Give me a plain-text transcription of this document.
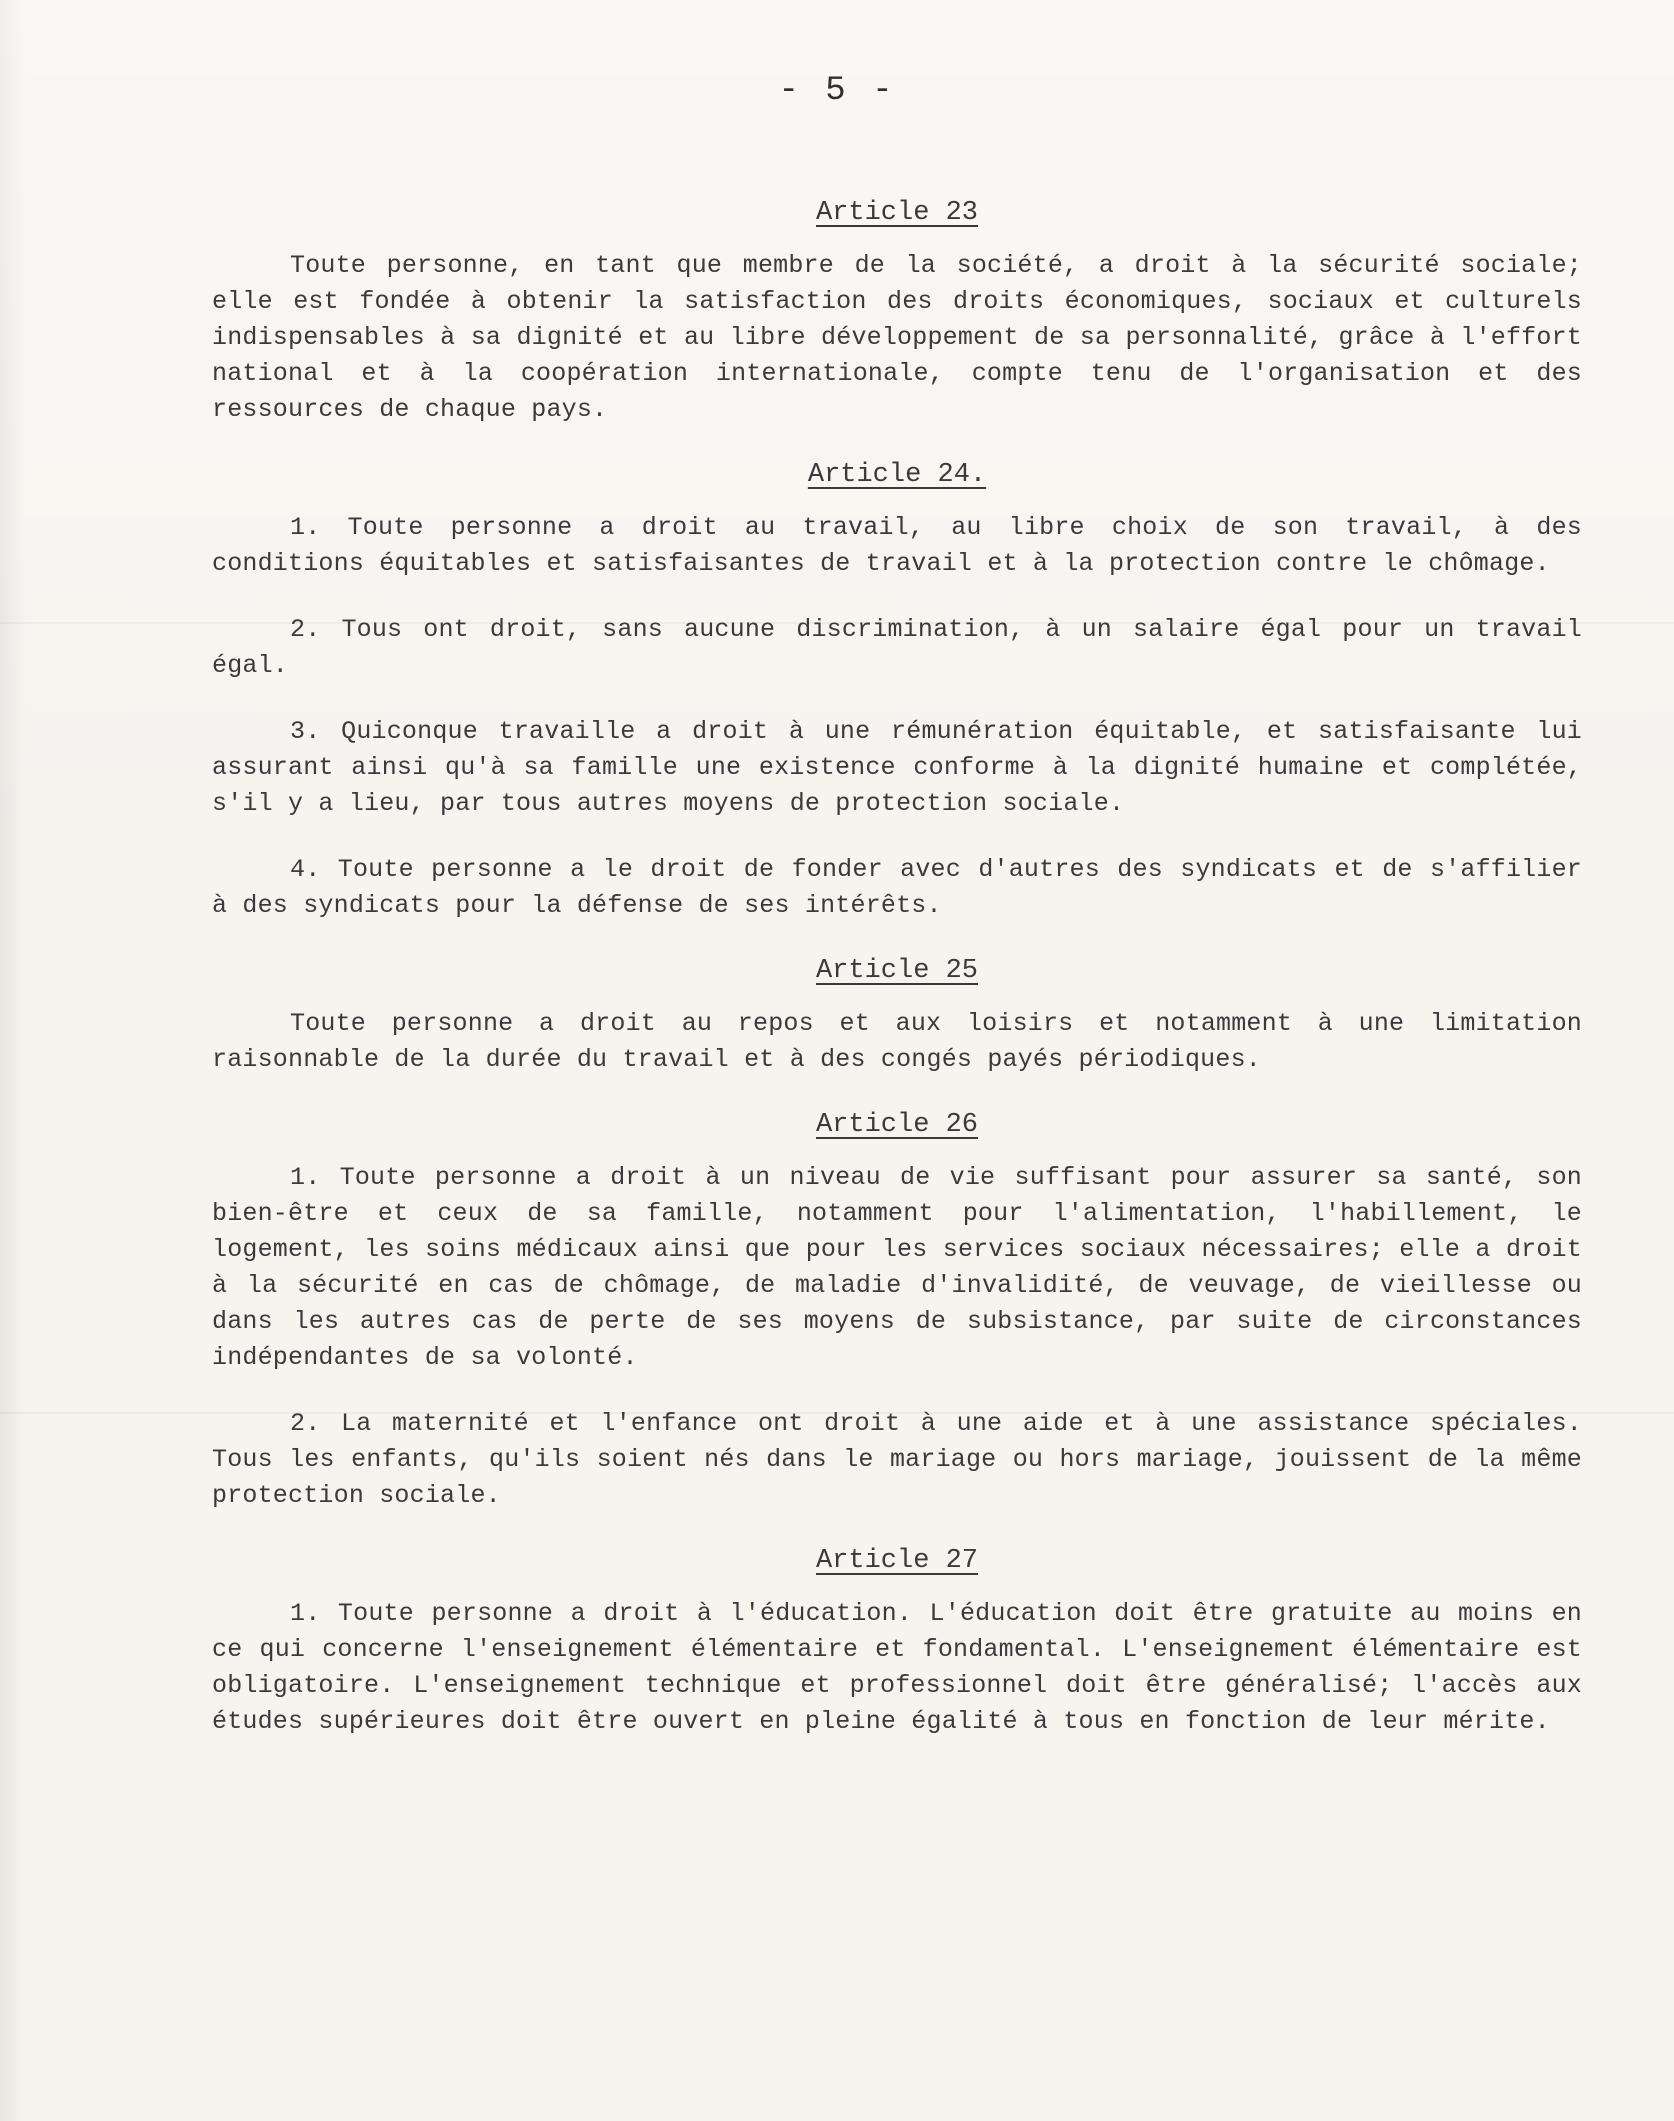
- 5 -

Article 23

Toute personne, en tant que membre de la société, a droit à la sécurité sociale; elle est fondée à obtenir la satisfaction des droits économiques, sociaux et culturels indispensables à sa dignité et au libre développement de sa personnalité, grâce à l'effort national et à la coopération internationale, compte tenu de l'organisation et des ressources de chaque pays.

Article 24.

1. Toute personne a droit au travail, au libre choix de son travail, à des conditions équitables et satisfaisantes de travail et à la protection contre le chômage.

2. Tous ont droit, sans aucune discrimination, à un salaire égal pour un travail égal.

3. Quiconque travaille a droit à une rémunération équitable, et satisfaisante lui assurant ainsi qu'à sa famille une existence conforme à la dignité humaine et complétée, s'il y a lieu, par tous autres moyens de protection sociale.

4. Toute personne a le droit de fonder avec d'autres des syndicats et de s'affilier à des syndicats pour la défense de ses intérêts.

Article 25

Toute personne a droit au repos et aux loisirs et notamment à une limitation raisonnable de la durée du travail et à des congés payés périodiques.

Article 26

1. Toute personne a droit à un niveau de vie suffisant pour assurer sa santé, son bien-être et ceux de sa famille, notamment pour l'alimentation, l'habillement, le logement, les soins médicaux ainsi que pour les services sociaux nécessaires; elle a droit à la sécurité en cas de chômage, de maladie d'invalidité, de veuvage, de vieillesse ou dans les autres cas de perte de ses moyens de subsistance, par suite de circonstances indépendantes de sa volonté.

2. La maternité et l'enfance ont droit à une aide et à une assistance spéciales. Tous les enfants, qu'ils soient nés dans le mariage ou hors mariage, jouissent de la même protection sociale.

Article 27

1. Toute personne a droit à l'éducation. L'éducation doit être gratuite au moins en ce qui concerne l'enseignement élémentaire et fondamental. L'enseignement élémentaire est obligatoire. L'enseignement technique et professionnel doit être généralisé; l'accès aux études supérieures doit être ouvert en pleine égalité à tous en fonction de leur mérite.
